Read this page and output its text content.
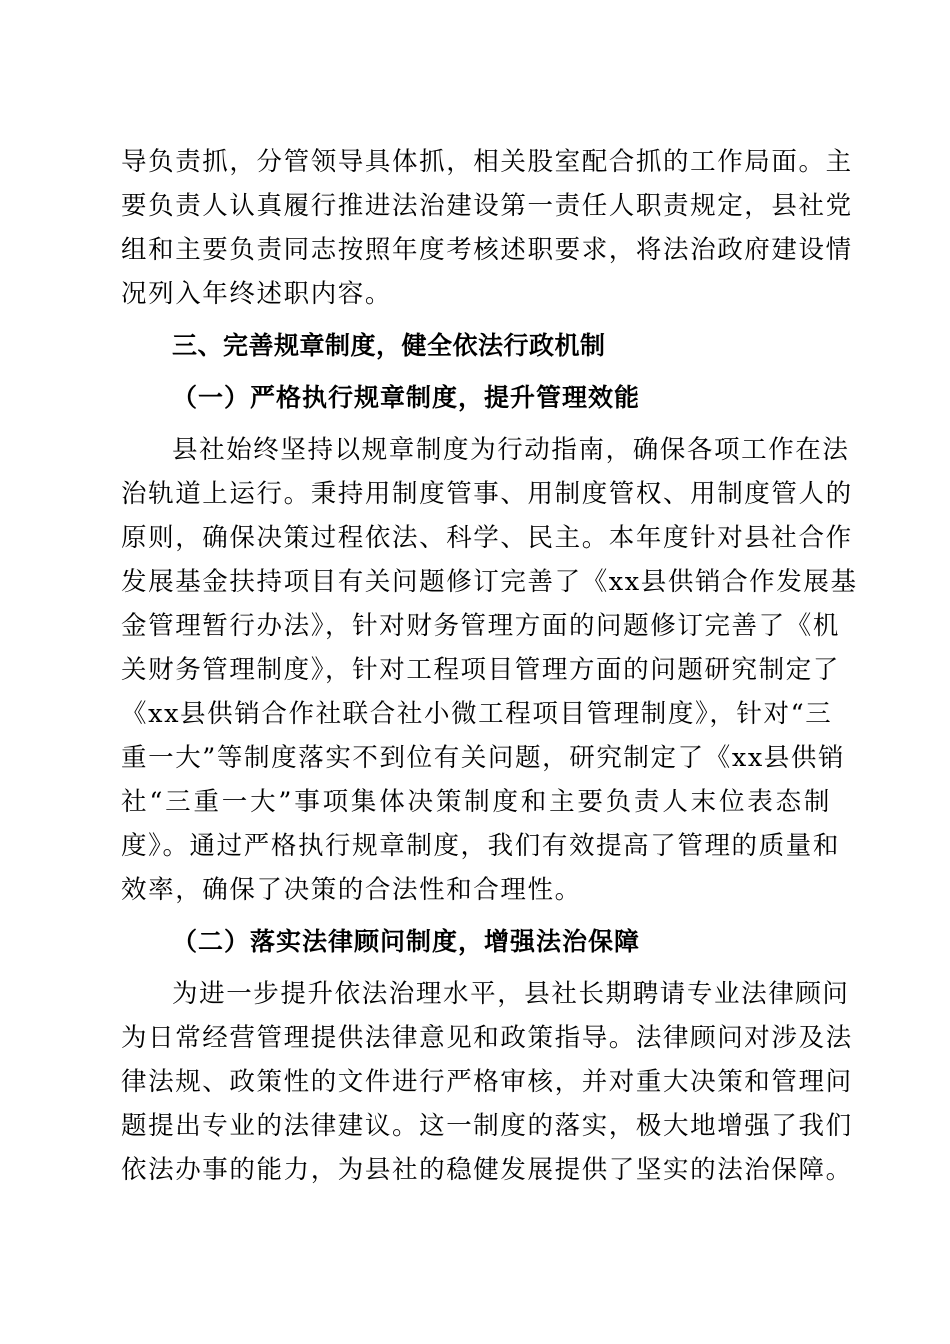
导负责抓，分管领导具体抓，相关股室配合抓的工作局面。主
要负责人认真履行推进法治建设第一责任人职责规定，县社党
组和主要负责同志按照年度考核述职要求，将法治政府建设情
况列入年终述职内容。
三、完善规章制度，健全依法行政机制
（一）严格执行规章制度，提升管理效能
县社始终坚持以规章制度为行动指南，确保各项工作在法
治轨道上运行。秉持用制度管事、用制度管权、用制度管人的
原则，确保决策过程依法、科学、民主。本年度针对县社合作
发展基金扶持项目有关问题修订完善了《xx县供销合作发展基
金管理暂行办法》，针对财务管理方面的问题修订完善了《机
关财务管理制度》，针对工程项目管理方面的问题研究制定了
《xx县供销合作社联合社小微工程项目管理制度》，针对“三
重一大”等制度落实不到位有关问题，研究制定了《xx县供销
社“三重一大”事项集体决策制度和主要负责人末位表态制
度》。通过严格执行规章制度，我们有效提高了管理的质量和
效率，确保了决策的合法性和合理性。
（二）落实法律顾问制度，增强法治保障
为进一步提升依法治理水平，县社长期聘请专业法律顾问
为日常经营管理提供法律意见和政策指导。法律顾问对涉及法
律法规、政策性的文件进行严格审核，并对重大决策和管理问
题提出专业的法律建议。这一制度的落实，极大地增强了我们
依法办事的能力，为县社的稳健发展提供了坚实的法治保障。
